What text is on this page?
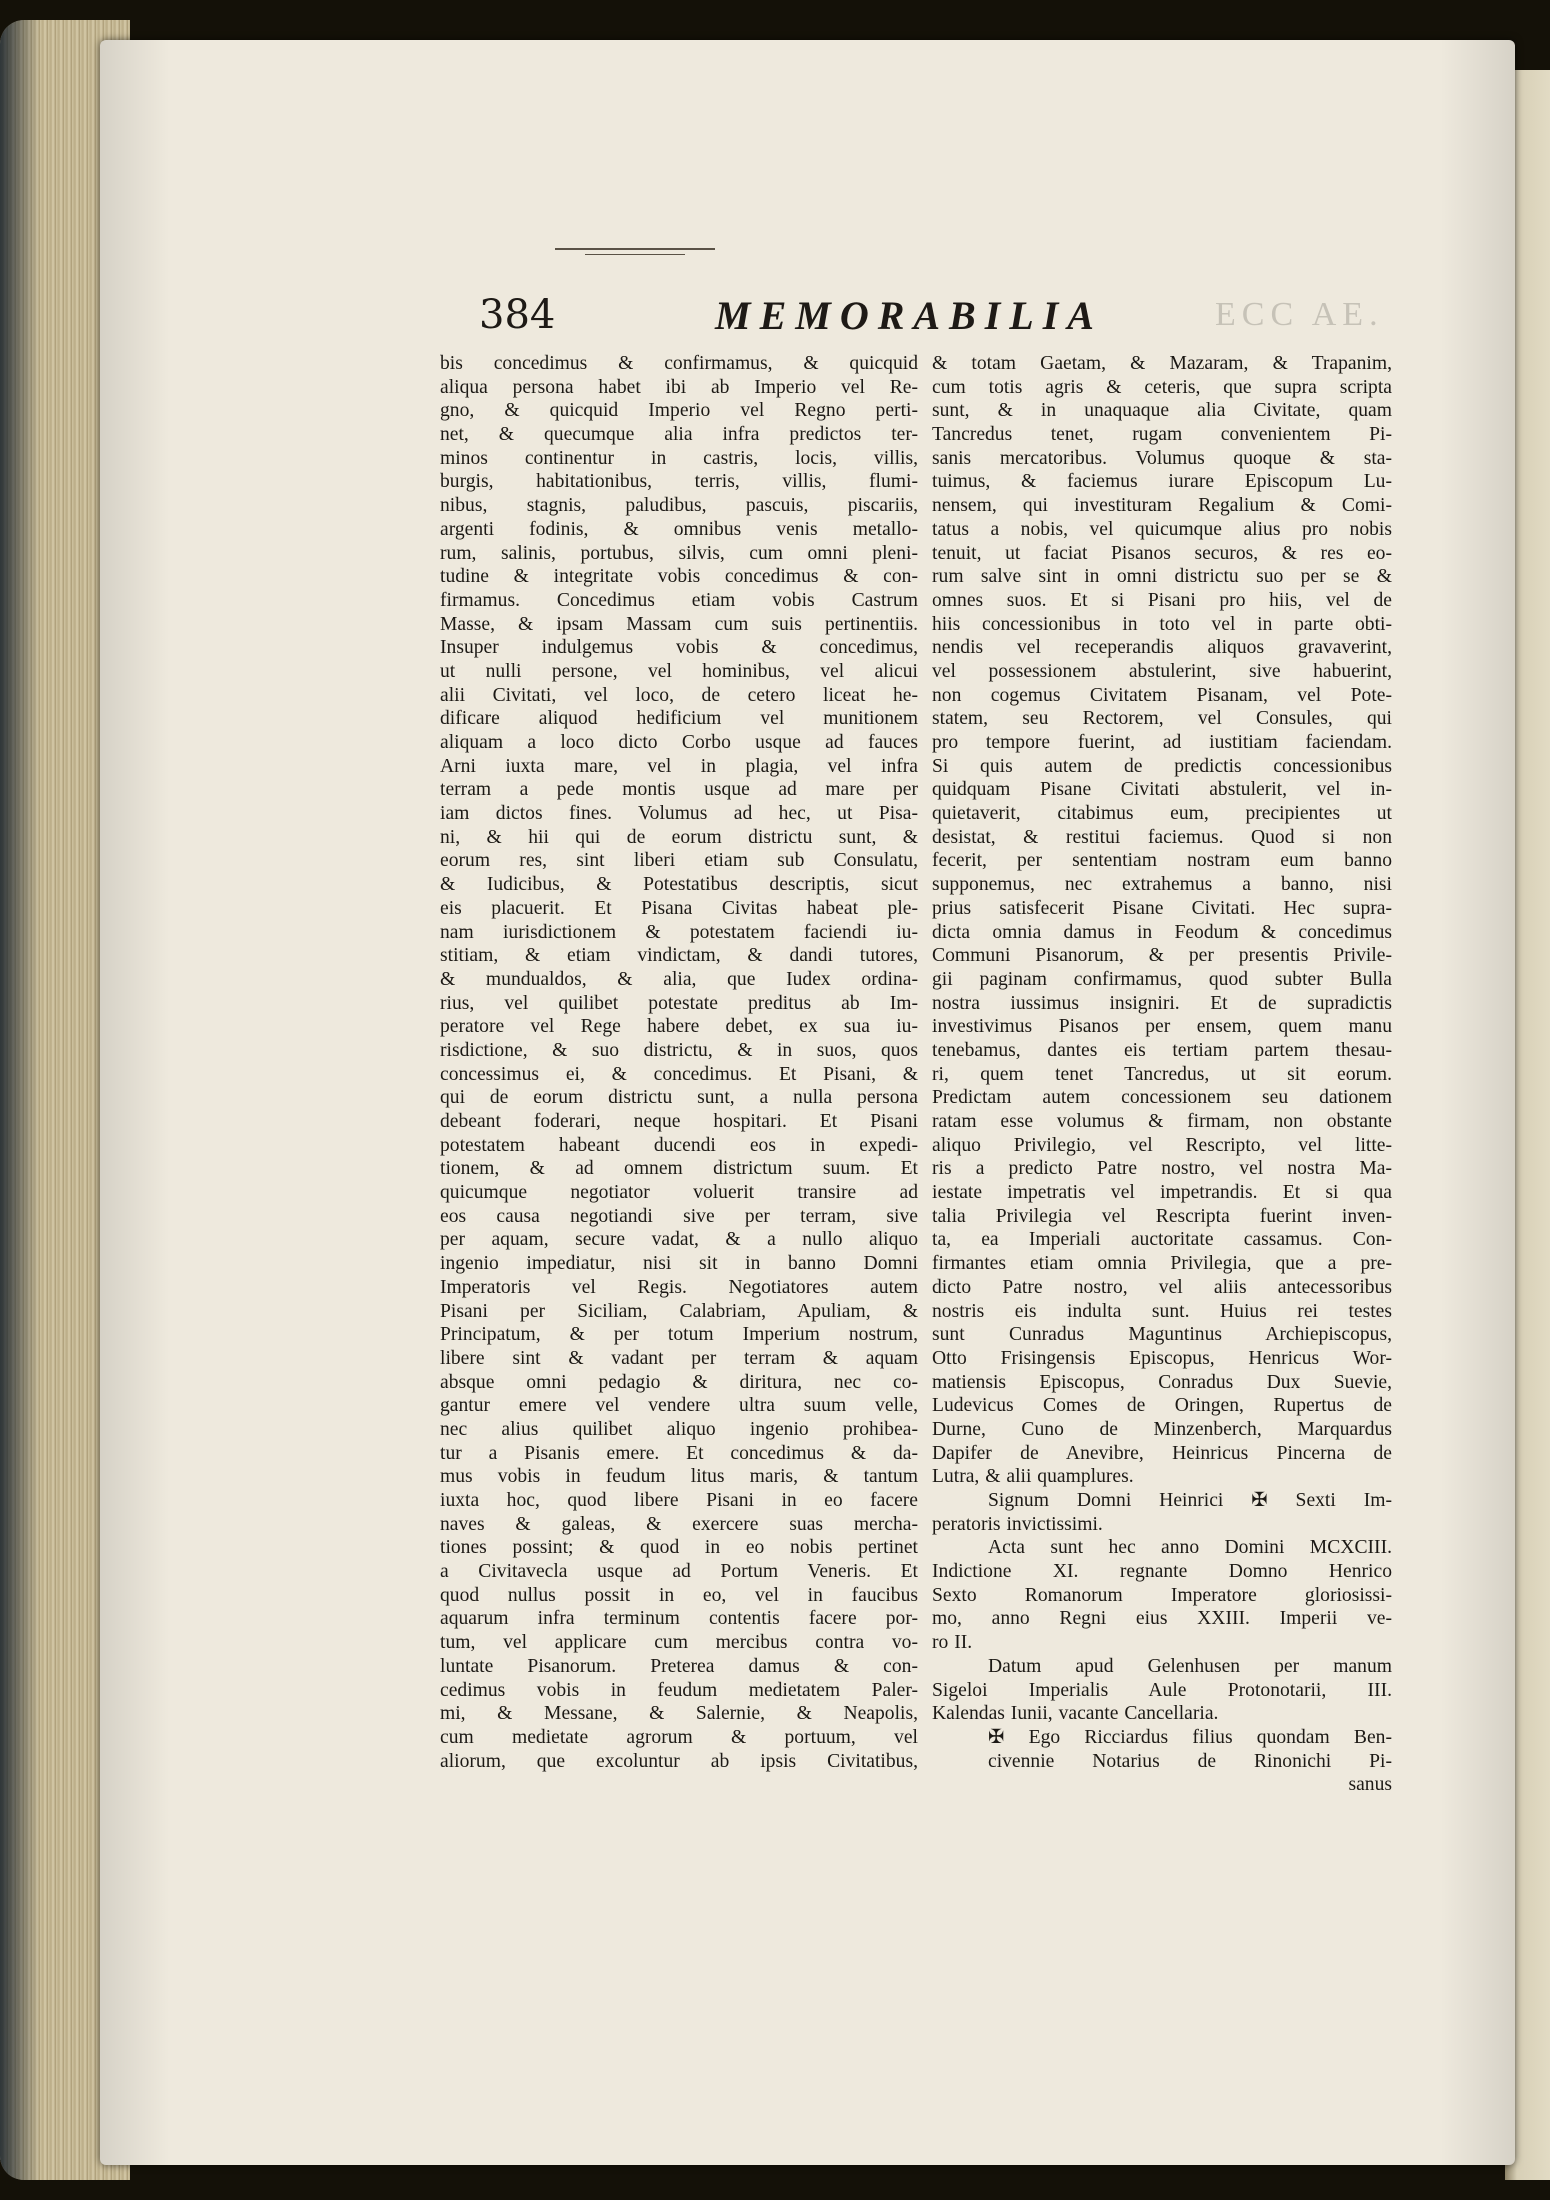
384	MEMORABILIA	ECC AE.
bis concedimus & confirmamus, & quicquid
aliqua persona habet ibi ab Imperio vel Re-
gno, & quicquid Imperio vel Regno perti-
net, & quecumque alia infra predictos ter-
minos continentur in castris, locis, villis,
burgis, habitationibus, terris, villis, flumi-
nibus, stagnis, paludibus, pascuis, piscariis,
argenti fodinis, & omnibus venis metallo-
rum, salinis, portubus, silvis, cum omni pleni-
tudine & integritate vobis concedimus & con-
firmamus. Concedimus etiam vobis Castrum
Masse, & ipsam Massam cum suis pertinentiis.
Insuper indulgemus vobis & concedimus,
ut nulli persone, vel hominibus, vel alicui
alii Civitati, vel loco, de cetero liceat he-
dificare aliquod hedificium vel munitionem
aliquam a loco dicto Corbo usque ad fauces
Arni iuxta mare, vel in plagia, vel infra
terram a pede montis usque ad mare per
iam dictos fines. Volumus ad hec, ut Pisa-
ni, & hii qui de eorum districtu sunt, &
eorum res, sint liberi etiam sub Consulatu,
& Iudicibus, & Potestatibus descriptis, sicut
eis placuerit. Et Pisana Civitas habeat ple-
nam iurisdictionem & potestatem faciendi iu-
stitiam, & etiam vindictam, & dandi tutores,
& mundualdos, & alia, que Iudex ordina-
rius, vel quilibet potestate preditus ab Im-
peratore vel Rege habere debet, ex sua iu-
risdictione, & suo districtu, & in suos, quos
concessimus ei, & concedimus. Et Pisani, &
qui de eorum districtu sunt, a nulla persona
debeant foderari, neque hospitari. Et Pisani
potestatem habeant ducendi eos in expedi-
tionem, & ad omnem districtum suum. Et
quicumque negotiator voluerit transire ad
eos causa negotiandi sive per terram, sive
per aquam, secure vadat, & a nullo aliquo
ingenio impediatur, nisi sit in banno Domni
Imperatoris vel Regis. Negotiatores autem
Pisani per Siciliam, Calabriam, Apuliam, &
Principatum, & per totum Imperium nostrum,
libere sint & vadant per terram & aquam
absque omni pedagio & diritura, nec co-
gantur emere vel vendere ultra suum velle,
nec alius quilibet aliquo ingenio prohibea-
tur a Pisanis emere. Et concedimus & da-
mus vobis in feudum litus maris, & tantum
iuxta hoc, quod libere Pisani in eo facere
naves & galeas, & exercere suas mercha-
tiones possint; & quod in eo nobis pertinet
a Civitavecla usque ad Portum Veneris. Et
quod nullus possit in eo, vel in faucibus
aquarum infra terminum contentis facere por-
tum, vel applicare cum mercibus contra vo-
luntate Pisanorum. Preterea damus & con-
cedimus vobis in feudum medietatem Paler-
mi, & Messane, & Salernie, & Neapolis,
cum medietate agrorum & portuum, vel
aliorum, que excoluntur ab ipsis Civitatibus,
& totam Gaetam, & Mazaram, & Trapanim,
cum totis agris & ceteris, que supra scripta
sunt, & in unaquaque alia Civitate, quam
Tancredus tenet, rugam convenientem Pi-
sanis mercatoribus. Volumus quoque & sta-
tuimus, & faciemus iurare Episcopum Lu-
nensem, qui investituram Regalium & Comi-
tatus a nobis, vel quicumque alius pro nobis
tenuit, ut faciat Pisanos securos, & res eo-
rum salve sint in omni districtu suo per se &
omnes suos. Et si Pisani pro hiis, vel de
hiis concessionibus in toto vel in parte obti-
nendis vel receperandis aliquos gravaverint,
vel possessionem abstulerint, sive habuerint,
non cogemus Civitatem Pisanam, vel Pote-
statem, seu Rectorem, vel Consules, qui
pro tempore fuerint, ad iustitiam faciendam.
Si quis autem de predictis concessionibus
quidquam Pisane Civitati abstulerit, vel in-
quietaverit, citabimus eum, precipientes ut
desistat, & restitui faciemus. Quod si non
fecerit, per sententiam nostram eum banno
supponemus, nec extrahemus a banno, nisi
prius satisfecerit Pisane Civitati. Hec supra-
dicta omnia damus in Feodum & concedimus
Communi Pisanorum, & per presentis Privile-
gii paginam confirmamus, quod subter Bulla
nostra iussimus insigniri. Et de supradictis
investivimus Pisanos per ensem, quem manu
tenebamus, dantes eis tertiam partem thesau-
ri, quem tenet Tancredus, ut sit eorum.
Predictam autem concessionem seu dationem
ratam esse volumus & firmam, non obstante
aliquo Privilegio, vel Rescripto, vel litte-
ris a predicto Patre nostro, vel nostra Ma-
iestate impetratis vel impetrandis. Et si qua
talia Privilegia vel Rescripta fuerint inven-
ta, ea Imperiali auctoritate cassamus. Con-
firmantes etiam omnia Privilegia, que a pre-
dicto Patre nostro, vel aliis antecessoribus
nostris eis indulta sunt. Huius rei testes
sunt Cunradus Maguntinus Archiepiscopus,
Otto Frisingensis Episcopus, Henricus Wor-
matiensis Episcopus, Conradus Dux Suevie,
Ludevicus Comes de Oringen, Rupertus de
Durne, Cuno de Minzenberch, Marquardus
Dapifer de Anevibre, Heinricus Pincerna de
Lutra, & alii quamplures.
Signum Domni Heinrici ✠ Sexti Im-
peratoris invictissimi.
Acta sunt hec anno Domini MCXCIII.
Indictione XI. regnante Domno Henrico
Sexto Romanorum Imperatore gloriosissi-
mo, anno Regni eius XXIII. Imperii ve-
ro II.
Datum apud Gelenhusen per manum
Sigeloi Imperialis Aule Protonotarii, III.
Kalendas Iunii, vacante Cancellaria.
✠ Ego Ricciardus filius quondam Ben-
civennie Notarius de Rinonichi Pi-
sanus
